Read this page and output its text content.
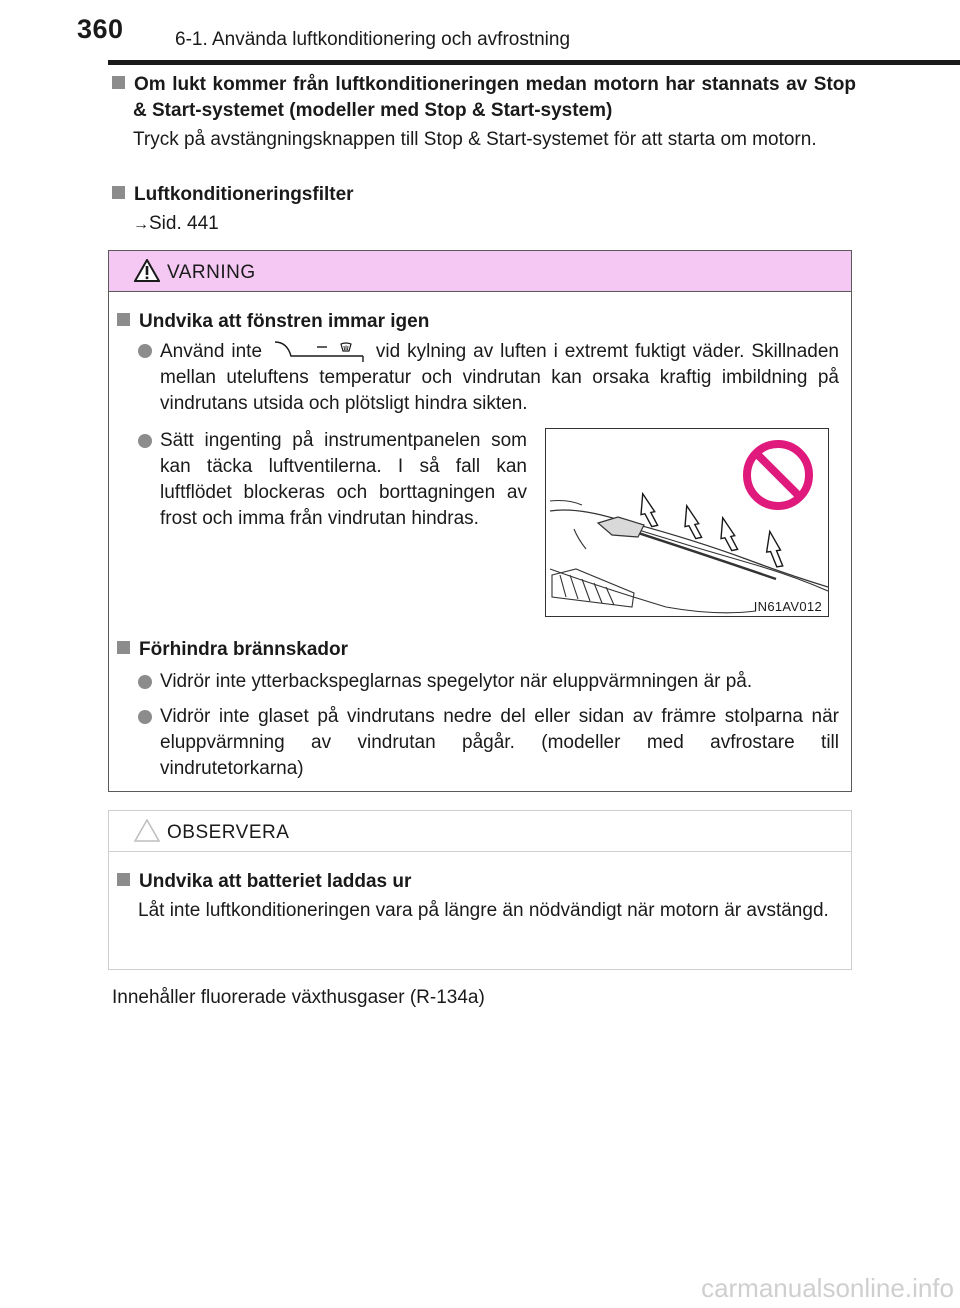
360	6-1. Använda luftkonditionering och avfrostning
Om lukt kommer från luftkonditioneringen medan motorn har stannats av Stop & Start-systemet (modeller med Stop & Start-system)
Tryck på avstängningsknappen till Stop & Start-systemet för att starta om motorn.
Luftkonditioneringsfilter
→Sid. 441
VARNING
Undvika att fönstren immar igen
Använd inte	vid kylning av luften i extremt fuktigt väder. Skillnaden mellan uteluftens temperatur och vindrutan kan orsaka kraftig imbildning på vindrutans utsida och plötsligt hindra sikten.
Sätt ingenting på instrumentpanelen som kan täcka luftventilerna. I så fall kan luftflödet blockeras och borttagningen av frost och imma från vindrutan hindras.
IN61AV012
Förhindra brännskador
Vidrör inte ytterbackspeglarnas spegelytor när eluppvärmningen är på.
Vidrör inte glaset på vindrutans nedre del eller sidan av främre stolparna när eluppvärmning av vindrutan pågår. (modeller med avfrostare till vindrutetorkarna)
OBSERVERA
Undvika att batteriet laddas ur
Låt inte luftkonditioneringen vara på längre än nödvändigt när motorn är avstängd.
Innehåller fluorerade växthusgaser (R-134a)
carmanualsonline.info
